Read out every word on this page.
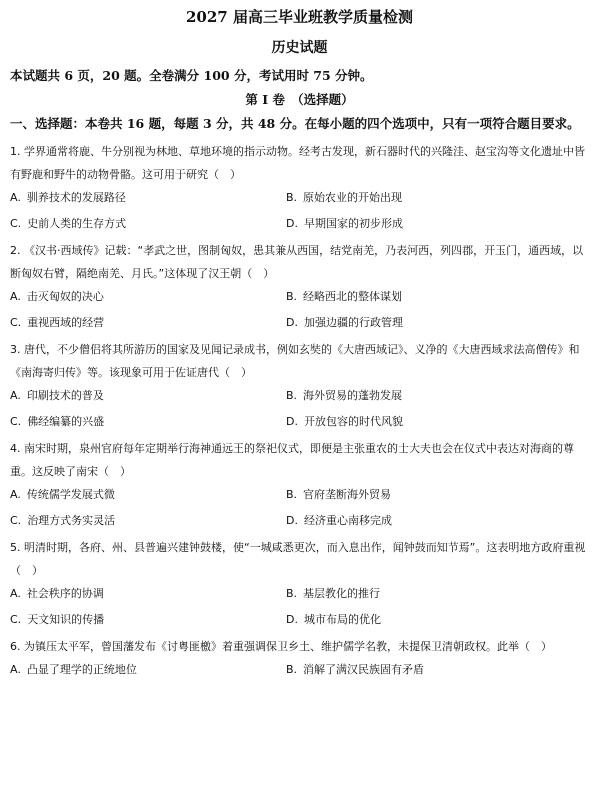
2027 届高三毕业班教学质量检测
历史试题
本试题共 6 页，20 题。全卷满分 100 分，考试用时 75 分钟。
第 I 卷　（选择题）
一、选择题：本卷共 16 题，每题 3 分，共 48 分。在每小题的四个选项中，只有一项符合题目要求。
1. 学界通常将鹿、牛分别视为林地、草地环境的指示动物。经考古发现，新石器时代的兴隆洼、赵宝沟等文化遗址中皆有野鹿和野牛的动物骨骼。这可用于研究（　）
A. 驯养技术的发展路径	B. 原始农业的开始出现
C. 史前人类的生存方式	D. 早期国家的初步形成
2. 《汉书·西域传》记载：“孝武之世，图制匈奴，患其兼从西国，结党南羌，乃表河西，列四郡，开玉门，通西域，以断匈奴右臂，隔绝南羌、月氏。”这体现了汉王朝（　）
A. 击灭匈奴的决心	B. 经略西北的整体谋划
C. 重视西域的经营	D. 加强边疆的行政管理
3. 唐代，不少僧侣将其所游历的国家及见闻记录成书，例如玄奘的《大唐西域记》、义净的《大唐西域求法高僧传》和《南海寄归传》等。该现象可用于佐证唐代（　）
A. 印刷技术的普及	B. 海外贸易的蓬勃发展
C. 佛经编纂的兴盛	D. 开放包容的时代风貌
4. 南宋时期，泉州官府每年定期举行海神通远王的祭祀仪式，即便是主张重农的士大夫也会在仪式中表达对海商的尊重。这反映了南宋（　）
A. 传统儒学发展式微	B. 官府垄断海外贸易
C. 治理方式务实灵活	D. 经济重心南移完成
5. 明清时期，各府、州、县普遍兴建钟鼓楼，使“一城咸悉更次，而入息出作，闻钟鼓而知节焉”。这表明地方政府重视（　）
A. 社会秩序的协调	B. 基层教化的推行
C. 天文知识的传播	D. 城市布局的优化
6. 为镇压太平军，曾国藩发布《讨粤匪檄》着重强调保卫乡土、维护儒学名教，未提保卫清朝政权。此举（　）
A. 凸显了理学的正统地位	B. 消解了满汉民族固有矛盾
